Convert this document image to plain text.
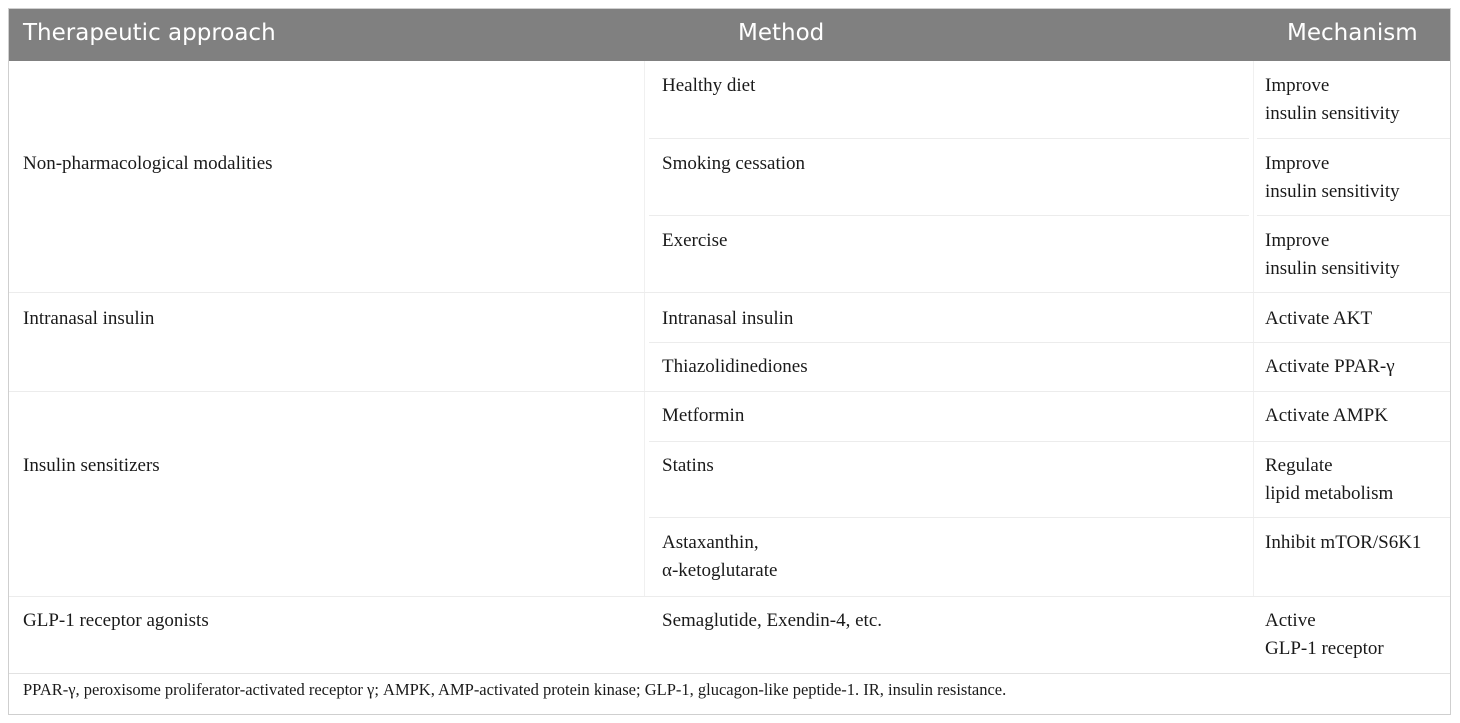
Therapeutic approach	Method	Mechanism
Non-pharmacological modalities
Intranasal insulin
Insulin sensitizers
GLP-1 receptor agonists
Healthy diet
Smoking cessation
Exercise
Intranasal insulin
Thiazolidinediones
Metformin
Statins
Astaxanthin,
α-ketoglutarate
Semaglutide, Exendin-4, etc.
Improve
insulin sensitivity
Improve
insulin sensitivity
Improve
insulin sensitivity
Activate AKT
Activate PPAR-γ
Activate AMPK
Regulate
lipid metabolism
Inhibit mTOR/S6K1
Active
GLP-1 receptor
PPAR-γ, peroxisome proliferator-activated receptor γ; AMPK, AMP-activated protein kinase; GLP-1, glucagon-like peptide-1. IR, insulin resistance.
